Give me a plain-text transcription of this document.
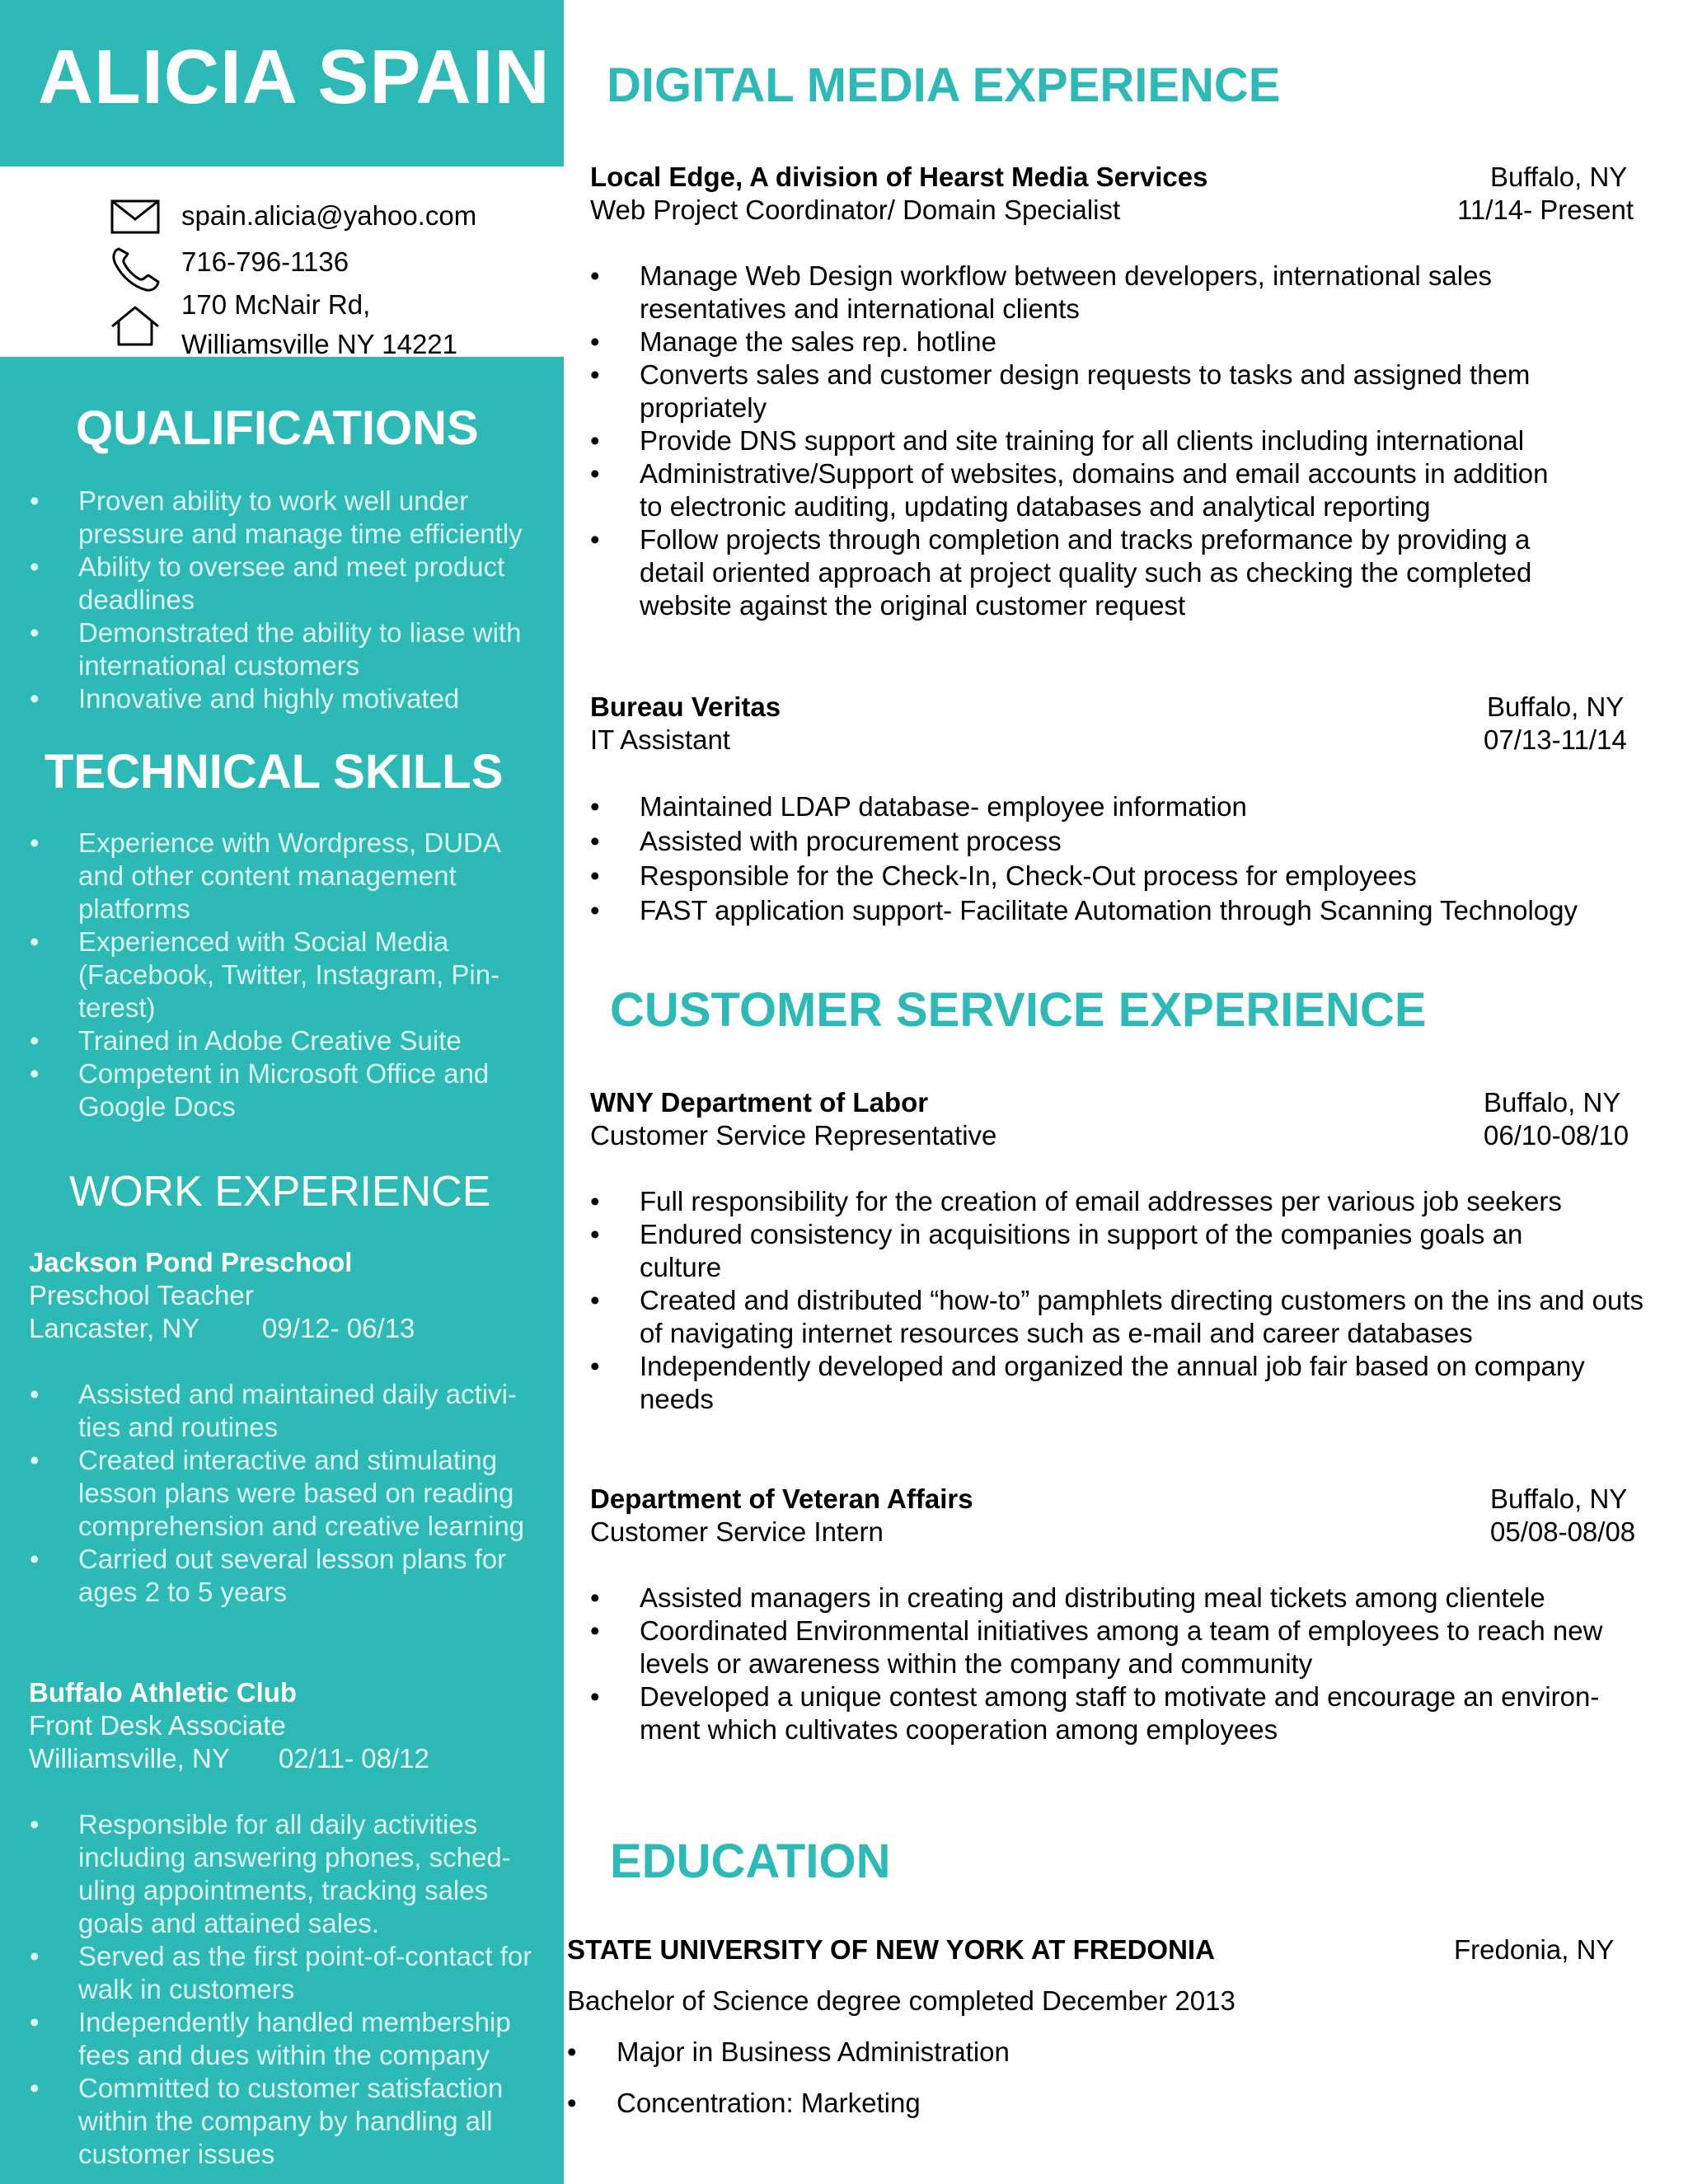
ALICIA SPAIN
spain.alicia@yahoo.com
716-796-1136
170 McNair Rd,
Williamsville NY 14221
QUALIFICATIONS
• Proven ability to work well under pressure and manage time efficiently
• Ability to oversee and meet product deadlines
• Demonstrated the ability to liase with international customers
• Innovative and highly motivated
TECHNICAL SKILLS
• Experience with Wordpress, DUDA and other content management platforms
• Experienced with Social Media (Facebook, Twitter, Instagram, Pin-terest)
• Trained in Adobe Creative Suite
• Competent in Microsoft Office and Google Docs
WORK EXPERIENCE
Jackson Pond Preschool
Preschool Teacher
Lancaster, NY 09/12- 06/13
• Assisted and maintained daily activi-ties and routines
• Created interactive and stimulating lesson plans were based on reading comprehension and creative learning
• Carried out several lesson plans for ages 2 to 5 years
Buffalo Athletic Club
Front Desk Associate
Williamsville, NY 02/11- 08/12
• Responsible for all daily activities including answering phones, sched-uling appointments, tracking sales goals and attained sales.
• Served as the first point-of-contact for walk in customers
• Independently handled membership fees and dues within the company
• Committed to customer satisfaction within the company by handling all customer issues
DIGITAL MEDIA EXPERIENCE
Local Edge, A division of Hearst Media Services	Buffalo, NY
Web Project Coordinator/ Domain Specialist	11/14- Present
• Manage Web Design workflow between developers, international sales resentatives and international clients
• Manage the sales rep. hotline
• Converts sales and customer design requests to tasks and assigned them propriately
• Provide DNS support and site training for all clients including international
• Administrative/Support of websites, domains and email accounts in addition to electronic auditing, updating databases and analytical reporting
• Follow projects through completion and tracks preformance by providing a detail oriented approach at project quality such as checking the completed website against the original customer request
Bureau Veritas	Buffalo, NY
IT Assistant	07/13-11/14
• Maintained LDAP database- employee information
• Assisted with procurement process
• Responsible for the Check-In, Check-Out process for employees
• FAST application support- Facilitate Automation through Scanning Technology
CUSTOMER SERVICE EXPERIENCE
WNY Department of Labor	Buffalo, NY
Customer Service Representative	06/10-08/10
• Full responsibility for the creation of email addresses per various job seekers
• Endured consistency in acquisitions in support of the companies goals an culture
• Created and distributed “how-to” pamphlets directing customers on the ins and outs of navigating internet resources such as e-mail and career databases
• Independently developed and organized the annual job fair based on company needs
Department of Veteran Affairs	Buffalo, NY
Customer Service Intern	05/08-08/08
• Assisted managers in creating and distributing meal tickets among clientele
• Coordinated Environmental initiatives among a team of employees to reach new levels or awareness within the company and community
• Developed a unique contest among staff to motivate and encourage an environ-ment which cultivates cooperation among employees
EDUCATION
STATE UNIVERSITY OF NEW YORK AT FREDONIA	Fredonia, NY
Bachelor of Science degree completed December 2013
• Major in Business Administration
• Concentration: Marketing
